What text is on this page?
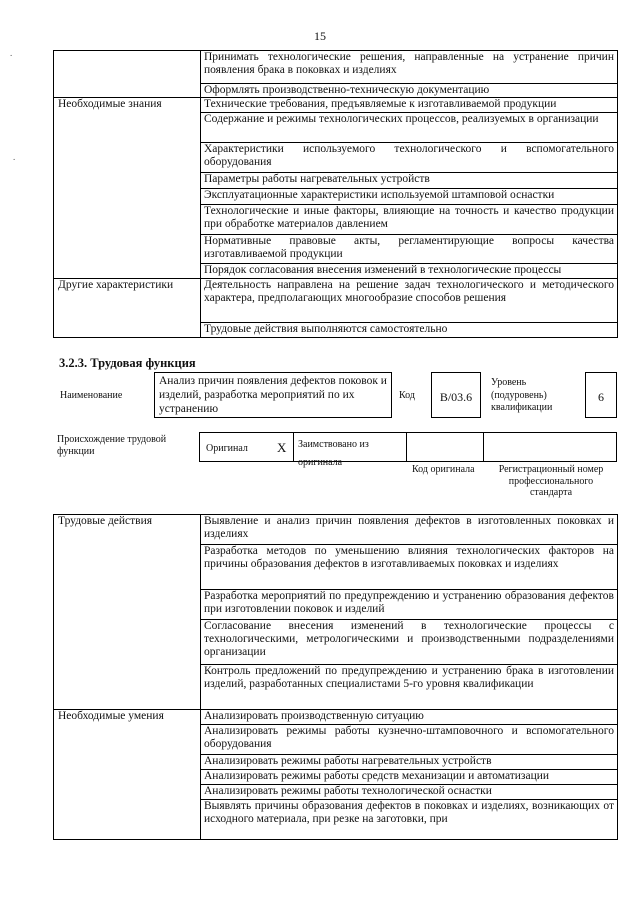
15
.
.
	Принимать технологические решения, направленные на устранение причин появления брака в поковках и изделиях
	Оформлять производственно-техническую документацию
Необходимые знания	Технические требования, предъявляемые к изготавливаемой продукции
	Содержание и режимы технологических процессов, реализуемых в организации
	Характеристики используемого технологического и вспомогательного оборудования
	Параметры работы нагревательных устройств
	Эксплуатационные характеристики используемой штамповой оснастки
	Технологические и иные факторы, влияющие на точность и качество продукции при обработке материалов давлением
	Нормативные правовые акты, регламентирующие вопросы качества изготавливаемой продукции
	Порядок согласования внесения изменений в технологические процессы
Другие характеристики	Деятельность направлена на решение задач технологического и методического характера, предполагающих многообразие способов решения
	Трудовые действия выполняются самостоятельно
3.2.3. Трудовая функция
Наименование
Анализ причин появления дефектов поковок и изделий, разработка мероприятий по их устранению
Код	B/03.6
Уровень (подуровень) квалификации
6
Происхождение трудовой функции	Оригинал X	Заимствовано из оригинала
Код оригинала	Регистрационный номер профессионального стандарта
Трудовые действия	Выявление и анализ причин появления дефектов в изготовленных поковках и изделиях
	Разработка методов по уменьшению влияния технологических факторов на причины образования дефектов в изготавливаемых поковках и изделиях
	Разработка мероприятий по предупреждению и устранению образования дефектов при изготовлении поковок и изделий
	Согласование внесения изменений в технологические процессы с технологическими, метрологическими и производственными подразделениями организации
	Контроль предложений по предупреждению и устранению брака в изготовлении изделий, разработанных специалистами 5-го уровня квалификации
Необходимые умения	Анализировать производственную ситуацию
	Анализировать режимы работы кузнечно-штамповочного и вспомогательного оборудования
	Анализировать режимы работы нагревательных устройств
	Анализировать режимы работы средств механизации и автоматизации
	Анализировать режимы работы технологической оснастки
	Выявлять причины образования дефектов в поковках и изделиях, возникающих от исходного материала, при резке на заготовки, при
